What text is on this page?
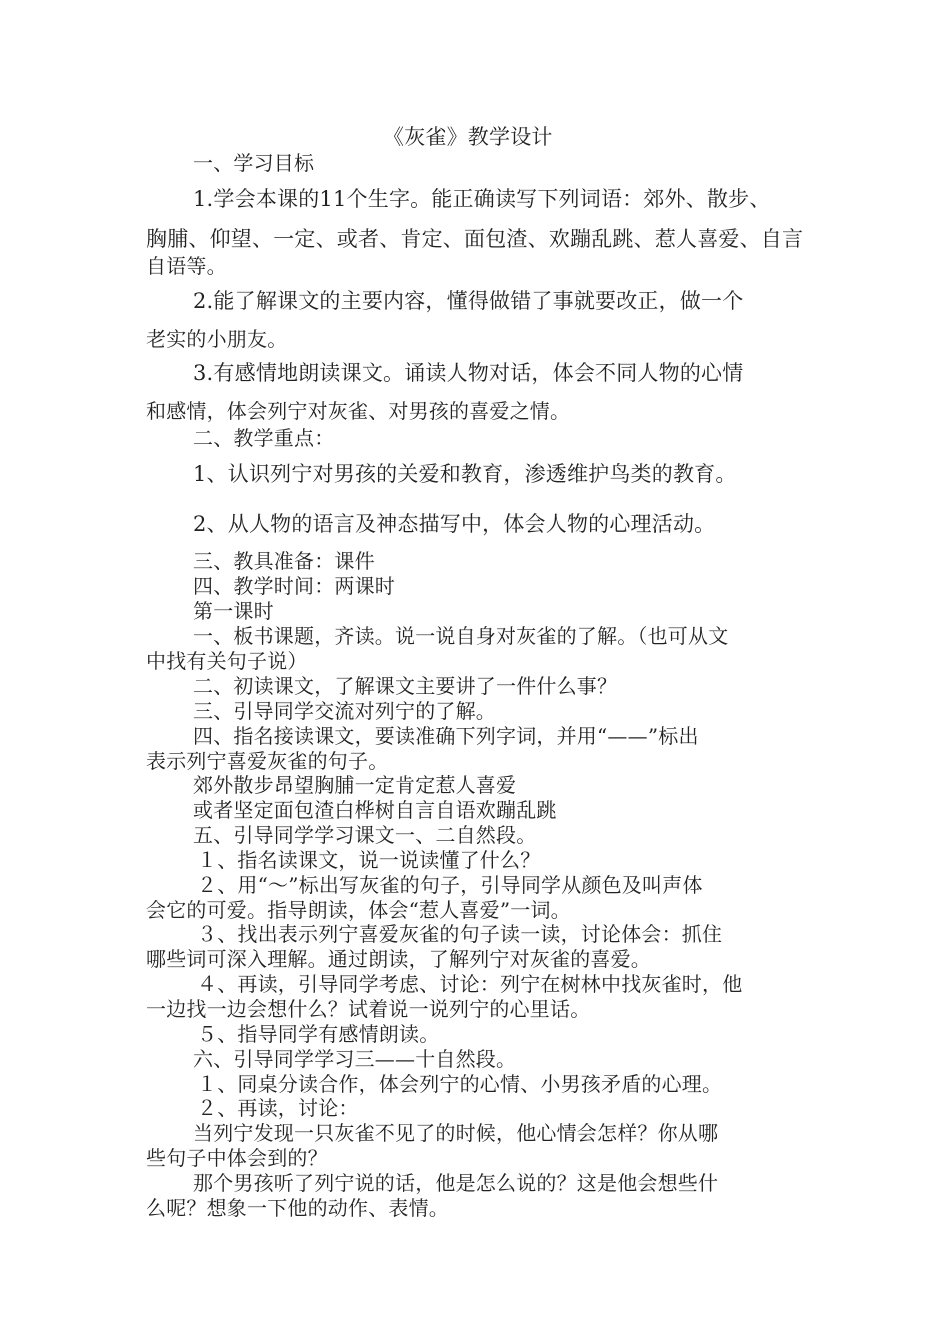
《灰雀》教学设计
一、学习目标
1.学会本课的11个生字。能正确读写下列词语：郊外、散步、
胸脯、仰望、一定、或者、肯定、面包渣、欢蹦乱跳、惹人喜爱、自言
自语等。
2.能了解课文的主要内容，懂得做错了事就要改正，做一个
老实的小朋友。
3.有感情地朗读课文。诵读人物对话，体会不同人物的心情
和感情，体会列宁对灰雀、对男孩的喜爱之情。
二、教学重点：
1、认识列宁对男孩的关爱和教育，渗透维护鸟类的教育。
2、从人物的语言及神态描写中，体会人物的心理活动。
三、教具准备：课件
四、教学时间：两课时
第一课时
一、板书课题，齐读。说一说自身对灰雀的了解。（也可从文
中找有关句子说）
二、初读课文，了解课文主要讲了一件什么事？
三、引导同学交流对列宁的了解。
四、指名接读课文，要读准确下列字词，并用“——”标出
表示列宁喜爱灰雀的句子。
郊外散步昂望胸脯一定肯定惹人喜爱
或者坚定面包渣白桦树自言自语欢蹦乱跳
五、引导同学学习课文一、二自然段。
１、指名读课文，说一说读懂了什么？
２、用“～”标出写灰雀的句子，引导同学从颜色及叫声体
会它的可爱。指导朗读，体会“惹人喜爱”一词。
３、找出表示列宁喜爱灰雀的句子读一读，讨论体会：抓住
哪些词可深入理解。通过朗读，了解列宁对灰雀的喜爱。
４、再读，引导同学考虑、讨论：列宁在树林中找灰雀时，他
一边找一边会想什么？试着说一说列宁的心里话。
５、指导同学有感情朗读。
六、引导同学学习三——十自然段。
１、同桌分读合作，体会列宁的心情、小男孩矛盾的心理。
２、再读，讨论：
当列宁发现一只灰雀不见了的时候，他心情会怎样？你从哪
些句子中体会到的？
那个男孩听了列宁说的话，他是怎么说的？这是他会想些什
么呢？想象一下他的动作、表情。
